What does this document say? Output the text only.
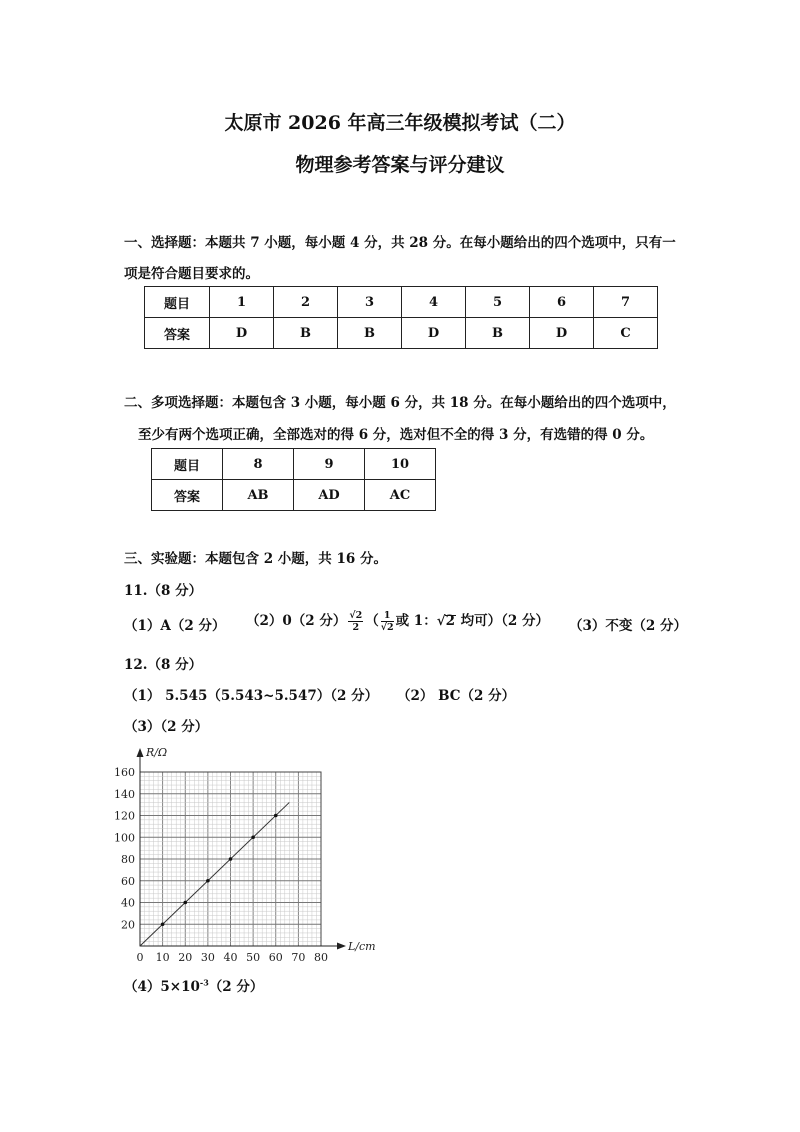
太原市 2026 年高三年级模拟考试（二）
物理参考答案与评分建议
一、选择题：本题共 7 小题，每小题 4 分，共 28 分。在每小题给出的四个选项中，只有一
项是符合题目要求的。
题目	1	2	3	4	5	6	7
答案	D	B	B	D	B	D	C
二、多项选择题：本题包含 3 小题，每小题 6 分，共 18 分。在每小题给出的四个选项中，
至少有两个选项正确，全部选对的得 6 分，选对但不全的得 3 分，有选错的得 0 分。
题目	8	9	10
答案	AB	AD	AC
三、实验题：本题包含 2 小题，共 16 分。
11.（8 分）
（1）A（2 分） （2）0（2 分） $\frac{√2}{2}$ （ $\frac{1}{√2}$ 或 1：√2 均可）（2 分） （3）不变（2 分）
12.（8 分）
（1） 5.545（5.543~5.547）（2 分） （2） BC（2 分）
（3）（2 分）
0 10 20 30 40 50 60 70 80
20
40
60
80
100
120
140
160
L/cm
R/Ω
$(4)5\times 10^{-3}(2$ 分）
